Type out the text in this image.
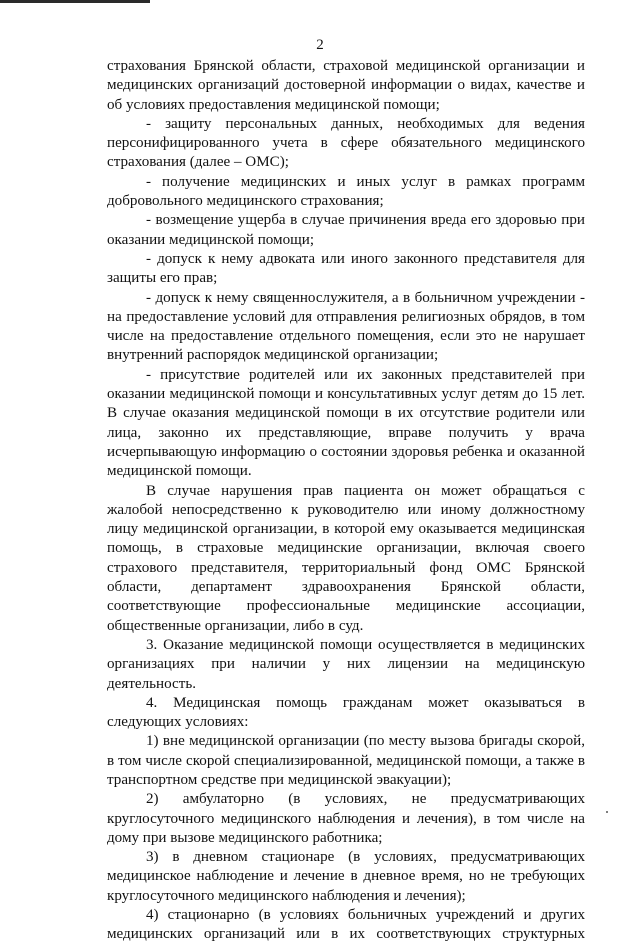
2

страхования Брянской области, страховой медицинской организации и медицинских организаций достоверной информации о видах, качестве и об условиях предоставления медицинской помощи;

- защиту персональных данных, необходимых для ведения персонифицированного учета в сфере обязательного медицинского страхования (далее – ОМС);

- получение медицинских и иных услуг в рамках программ добровольного медицинского страхования;

- возмещение ущерба в случае причинения вреда его здоровью при оказании медицинской помощи;

- допуск к нему адвоката или иного законного представителя для защиты его прав;

- допуск к нему священнослужителя, а в больничном учреждении - на предоставление условий для отправления религиозных обрядов, в том числе на предоставление отдельного помещения, если это не нарушает внутренний распорядок медицинской организации;

- присутствие родителей или их законных представителей при оказании медицинской помощи и консультативных услуг детям до 15 лет. В случае оказания медицинской помощи в их отсутствие родители или лица, законно их представляющие, вправе получить у врача исчерпывающую информацию о состоянии здоровья ребенка и оказанной медицинской помощи.

В случае нарушения прав пациента он может обращаться с жалобой непосредственно к руководителю или иному должностному лицу медицинской организации, в которой ему оказывается медицинская помощь, в страховые медицинские организации, включая своего страхового представителя, территориальный фонд ОМС Брянской области, департамент здравоохранения Брянской области, соответствующие профессиональные медицинские ассоциации, общественные организации, либо в суд.

3. Оказание медицинской помощи осуществляется в медицинских организациях при наличии у них лицензии на медицинскую деятельность.

4. Медицинская помощь гражданам может оказываться в следующих условиях:

1) вне медицинской организации (по месту вызова бригады скорой, в том числе скорой специализированной, медицинской помощи, а также в транспортном средстве при медицинской эвакуации);

2) амбулаторно (в условиях, не предусматривающих круглосуточного медицинского наблюдения и лечения), в том числе на дому при вызове медицинского работника;

3) в дневном стационаре (в условиях, предусматривающих медицинское наблюдение и лечение в дневное время, но не требующих круглосуточного медицинского наблюдения и лечения);

4) стационарно (в условиях больничных учреждений и других медицинских организаций или в их соответствующих структурных
